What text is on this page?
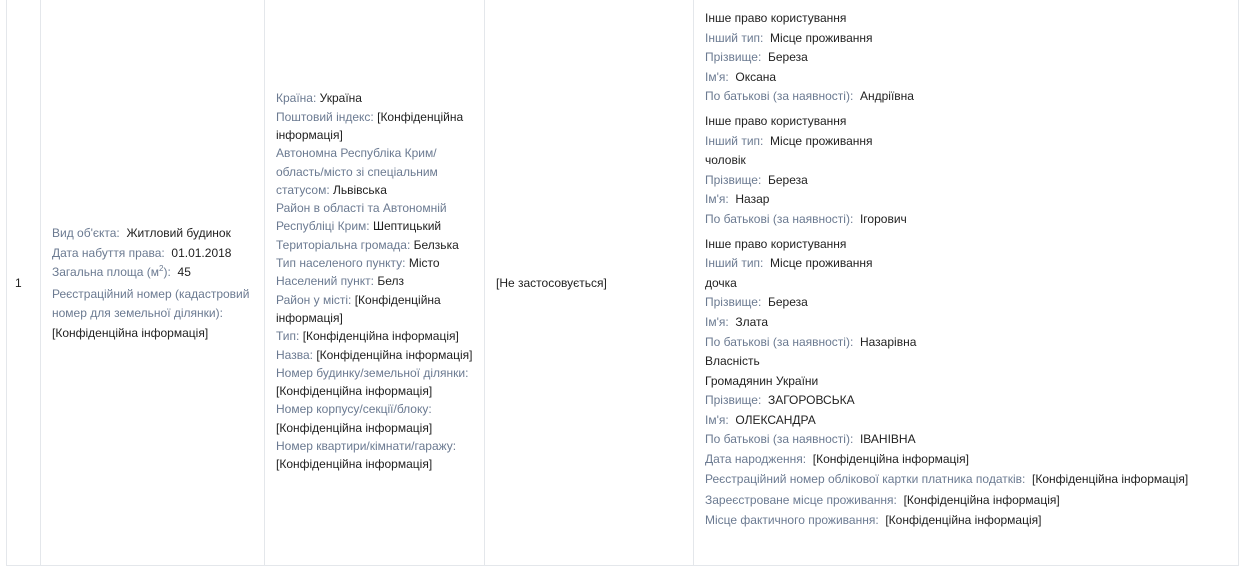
1
Вид об'єкта: Житловий будинок
Дата набуття права: 01.01.2018
Загальна площа $(м^2)$: 45
Реєстраційний номер (кадастровий номер для земельної ділянки): [Конфіденційна інформація]
Країна: Україна
Поштовий індекс: [Конфіденційна інформація]
Автономна Республіка Крим/ область/місто зі спеціальним статусом: Львівська
Район в області та Автономній Республіці Крим: Шептицький
Територіальна громада: Белзька
Тип населеного пункту: Місто
Населений пункт: Белз
Район у місті: [Конфіденційна інформація]
Тип: [Конфіденційна інформація]
Назва: [Конфіденційна інформація]
Номер будинку/земельної ділянки: [Конфіденційна інформація]
Номер корпусу/секції/блоку: [Конфіденційна інформація]
Номер квартири/кімнати/гаражу: [Конфіденційна інформація]
[Не застосовується]
Інше право користування
Інший тип: Місце проживання
Прізвище: Береза
Ім'я: Оксана
По батькові (за наявності): Андріївна
Інше право користування
Інший тип: Місце проживання
чоловік
Прізвище: Береза
Ім'я: Назар
По батькові (за наявності): Ігорович
Інше право користування
Інший тип: Місце проживання
дочка
Прізвище: Береза
Ім'я: Злата
По батькові (за наявності): Назарівна
Власність
Громадянин України
Прізвище: ЗАГОРОВСЬКА
Ім'я: ОЛЕКСАНДРА
По батькові (за наявності): ІВАНІВНА
Дата народження: [Конфіденційна інформація]
Реєстраційний номер облікової картки платника податків: [Конфіденційна інформація]
Зареєстроване місце проживання: [Конфіденційна інформація]
Місце фактичного проживання: [Конфіденційна інформація]
